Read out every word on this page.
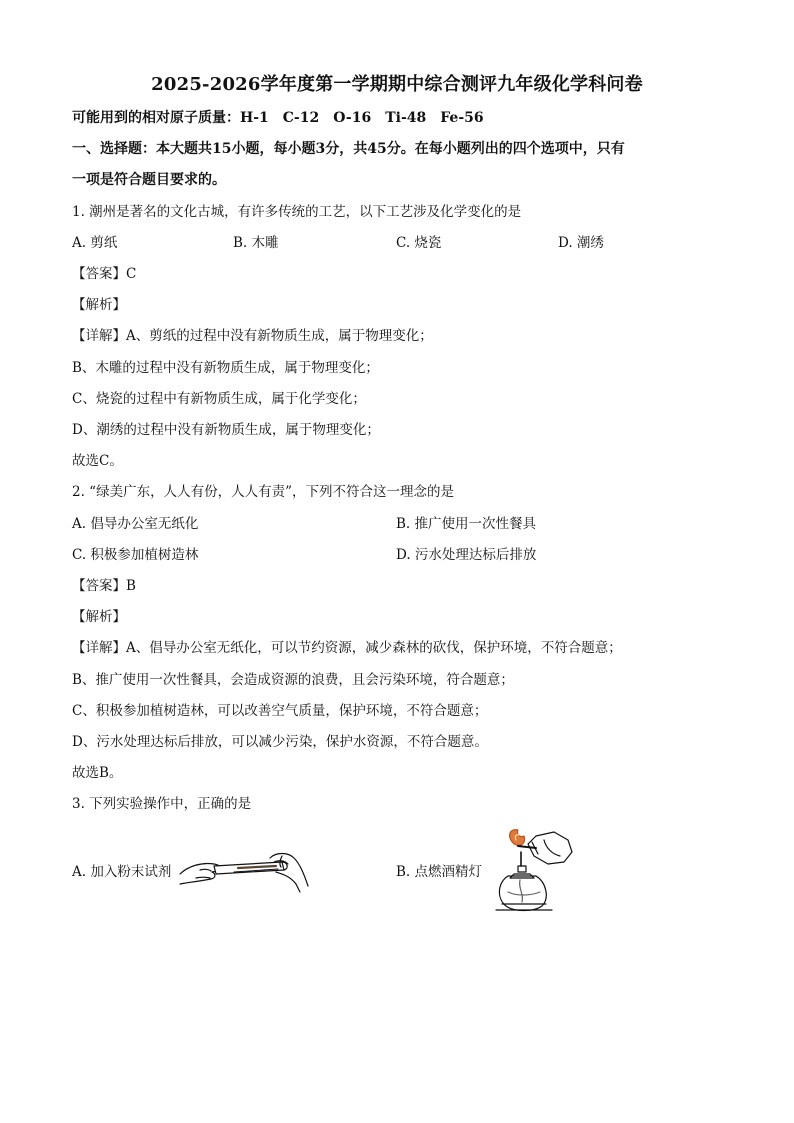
2025-2026学年度第一学期期中综合测评九年级化学科问卷
可能用到的相对原子质量：H-1　C-12　O-16　Ti-48　Fe-56
一、选择题：本大题共15小题，每小题3分，共45分。在每小题列出的四个选项中，只有
一项是符合题目要求的。
1. 潮州是著名的文化古城，有许多传统的工艺，以下工艺涉及化学变化的是
A. 剪纸	B. 木雕	C. 烧瓷	D. 潮绣
【答案】C
【解析】
【详解】A、剪纸的过程中没有新物质生成，属于物理变化；
B、木雕的过程中没有新物质生成，属于物理变化；
C、烧瓷的过程中有新物质生成，属于化学变化；
D、潮绣的过程中没有新物质生成，属于物理变化；
故选C。
2. “绿美广东，人人有份，人人有责”，下列不符合这一理念的是
A. 倡导办公室无纸化	B. 推广使用一次性餐具
C. 积极参加植树造林	D. 污水处理达标后排放
【答案】B
【解析】
【详解】A、倡导办公室无纸化，可以节约资源，减少森林的砍伐，保护环境，不符合题意；
B、推广使用一次性餐具，会造成资源的浪费，且会污染环境，符合题意；
C、积极参加植树造林，可以改善空气质量，保护环境，不符合题意；
D、污水处理达标后排放，可以减少污染，保护水资源，不符合题意。
故选B。
3. 下列实验操作中，正确的是
A. 加入粉末试剂	B. 点燃酒精灯
